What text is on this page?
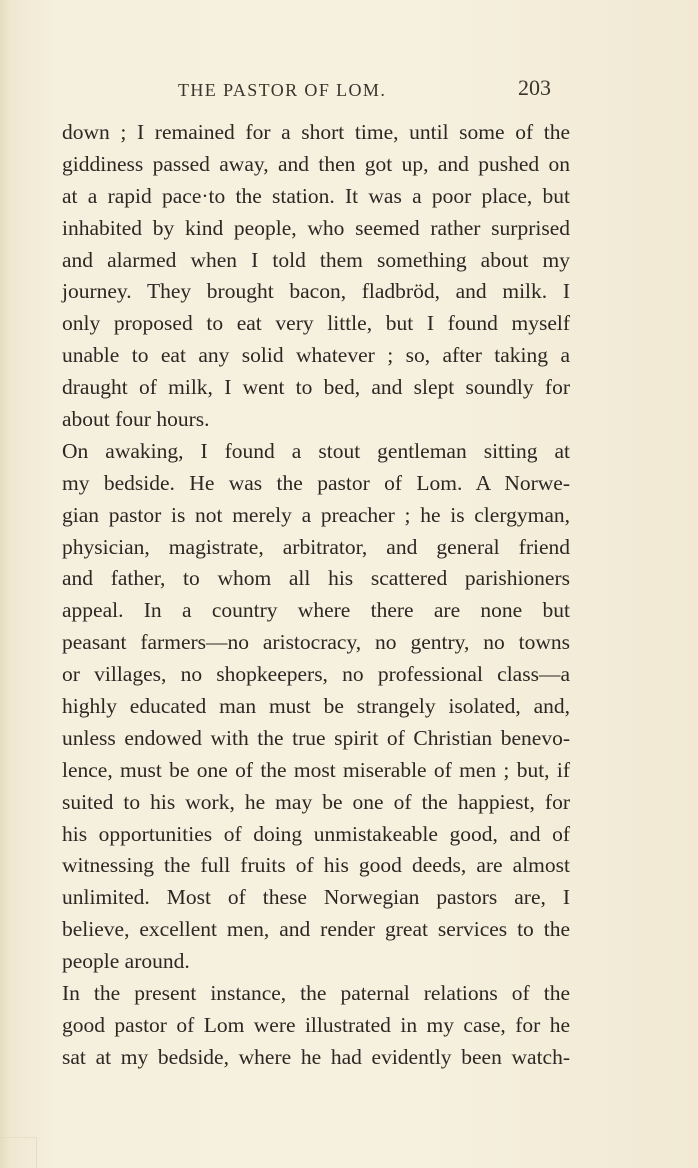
THE PASTOR OF LOM.	203
down ; I remained for a short time, until some of the
giddiness passed away, and then got up, and pushed on
at a rapid pace·to the station. It was a poor place, but
inhabited by kind people, who seemed rather surprised
and alarmed when I told them something about my
journey. They brought bacon, fladbröd, and milk. I
only proposed to eat very little, but I found myself
unable to eat any solid whatever ; so, after taking a
draught of milk, I went to bed, and slept soundly for
about four hours.
On awaking, I found a stout gentleman sitting at
my bedside. He was the pastor of Lom. A Norwe-
gian pastor is not merely a preacher ; he is clergyman,
physician, magistrate, arbitrator, and general friend
and father, to whom all his scattered parishioners
appeal. In a country where there are none but
peasant farmers—no aristocracy, no gentry, no towns
or villages, no shopkeepers, no professional class—a
highly educated man must be strangely isolated, and,
unless endowed with the true spirit of Christian benevo-
lence, must be one of the most miserable of men ; but, if
suited to his work, he may be one of the happiest, for
his opportunities of doing unmistakeable good, and of
witnessing the full fruits of his good deeds, are almost
unlimited. Most of these Norwegian pastors are, I
believe, excellent men, and render great services to the
people around.
In the present instance, the paternal relations of the
good pastor of Lom were illustrated in my case, for he
sat at my bedside, where he had evidently been watch-
